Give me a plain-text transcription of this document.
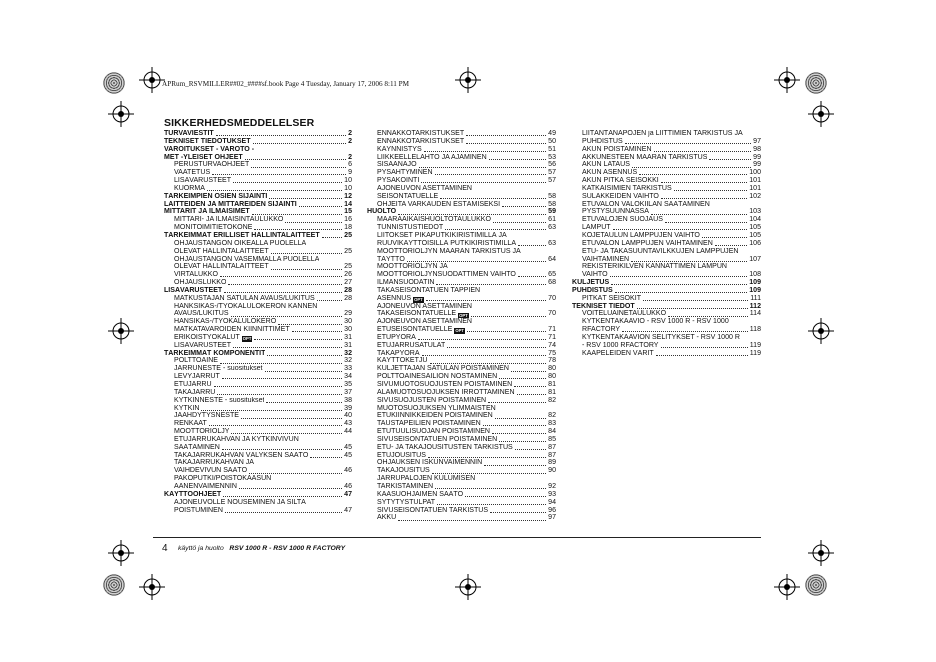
APRum_RSVMILLER##02_####sf.book Page 4 Tuesday, January 17, 2006 8:11 PM
SIKKERHEDSMEDDELELSER
TURVAVIESTIT	2
TEKNISET TIEDOTUKSET	2
VAROITUKSET - VAROTO -
MET -YLEISET OHJEET	2
PERUSTURVAOHJEET	6
VAATETUS	9
LISÄVARUSTEET	10
KUORMA	10
TÄRKEIMPIEN OSIEN SIJAINTI	12
LAITTEIDEN JA MITTAREIDEN SIJAINTI	14
MITTARIT JA ILMAISIMET	15
MITTARI- JA ILMAISINTAULUKKO	16
MONITOIMITIETOKONE	18
TÄRKEIMMÄT ERILLISET HALLINTALAITTEET	25
OHJAUSTANGON OIKEALLA PUOLELLA
OLEVAT HALLINTALAITTEET	25
OHJAUSTANGON VASEMMALLA PUOLELLA
OLEVAT HALLINTALAITTEET	25
VIRTALUKKO	26
OHJAUSLUKKO	27
LISÄVARUSTEET	28
MATKUSTAJAN SATULAN AVAUS/LUKITUS	28
HANKSIKAS-/TYÖKALULOKERON KANNEN
AVAUS/LUKITUS	29
HANSIKAS-/TYÖKALULOKERO	30
MATKATAVAROIDEN KIINNITTIMET	30
ERIKOISTYÖKALUT OPT	31
LISÄVARUSTEET	31
TÄRKEIMMÄT KOMPONENTIT	32
POLTTOAINE	32
JARRUNESTE - suositukset	33
LEVYJARRUT	34
ETUJARRU	35
TAKAJARRU	37
KYTKINNESTE - suositukset	38
KYTKIN	39
JÄÄHDYTYSNESTE	40
RENKAAT	43
MOOTTORIÖLJY	44
ETUJARRUKAHVAN JA KYTKINVIVUN
SÄÄTÄMINEN	45
TAKAJARRUKAHVAN VÄLYKSEN SÄÄTÖ	45
TAKAJARRUKAHVAN JA
VAIHDEVIVUN SÄÄTÖ	46
PAKOPUTKI/POISTOKAASUN
ÄÄNENVAIMENNIN	46
KÄYTTÖOHJEET	47
AJONEUVOLLE NOUSEMINEN JA SILTÄ
POISTUMINEN	47
ENNAKKOTARKISTUKSET	49
ENNAKKOTARKISTUKSET	50
KÄYNNISTYS	51
LIIKKEELLELÄHTÖ JA AJAMINEN	53
SISÄÄNAJO	56
PYSÄHTYMINEN	57
PYSÄKÖINTI	57
AJONEUVON ASETTAMINEN
SEISONTATUELLE	58
OHJEITA VARKAUDEN ESTÄMISEKSI	58
HUOLTO	59
MÄÄRÄAIKAISHUOLTOTAULUKKO	61
TUNNISTUSTIEDOT	63
LIITOKSET PIKAPUTKIKIRISTIMILLÄ JA
RUUVIKÄYTTÖISILLÄ PUTKIKIRISTIMILLÄ	63
MOOTTORIÖLJYN MÄÄRÄN TARKISTUS JA
TÄYTTÖ	64
MOOTTORIÖLJYN JA
MOOTTORIÖLJYNSUODATTIMEN VAIHTO	65
ILMANSUODATIN	68
TAKASEISONTATUEN TAPPIEN
ASENNUS OPT	70
AJONEUVON ASETTAMINEN
TAKASEISONTATUELLE OPT	70
AJONEUVON ASETTAMINEN
ETUSEISONTATUELLE OPT	71
ETUPYÖRÄ	71
ETUJARRUSATULAT	74
TAKAPYÖRÄ	75
KÄYTTÖKETJU	78
KULJETTAJAN SATULAN POISTAMINEN	80
POLTTOAINESÄILIÖN NOSTAMINEN	80
SIVUMUOTOSUOJUSTEN POISTAMINEN	81
ALAMUOTOSUOJUKSEN IRROTTAMINEN	81
SIVUSUOJUSTEN POISTAMINEN	82
MUOTOSUOJUKSEN YLIMMÄISTEN
ETUKIINNIKKEIDEN POISTAMINEN	82
TAUSTAPEILIEN POISTAMINEN	83
ETUTUULISUOJAN POISTAMINEN	84
SIVUSEISONTATUEN POISTAMINEN	85
ETU- JA TAKAJOUSITUSTEN TARKISTUS	87
ETUJOUSITUS	87
OHJAUKSEN ISKUNVAIMENNIN	89
TAKAJOUSITUS	90
JARRUPALOJEN KULUMISEN
TARKISTAMINEN	92
KAASUOHJAIMEN SÄÄTÖ	93
SYTYTYSTULPAT	94
SIVUSEISONTATUEN TARKISTUS	96
AKKU	97
LIITÄNTÄNAPOJEN ja LIITTIMIEN TARKISTUS JA
PUHDISTUS	97
AKUN POISTAMINEN	98
AKKUNESTEEN MÄÄRÄN TARKISTUS	99
AKUN LATAUS	99
AKUN ASENNUS	100
AKUN PITKÄ SEISOKKI	101
KATKAISIMIEN TARKISTUS	101
SULAKKEIDEN VAIHTO	102
ETUVALON VALOKIILAN SÄÄTÄMINEN
PYSTYSUUNNASSA	103
ETUVALOJEN SUOJAUS	104
LAMPUT	105
KOJETAULUN LAMPPUJEN VAIHTO	105
ETUVALON LAMPPUJEN VAIHTAMINEN	106
ETU- JA TAKASUUNTAVILKKUJEN LAMPPUJEN
VAIHTAMINEN	107
REKISTERIKILVEN KANNATTIMEN LAMPUN
VAIHTO	108
KULJETUS	109
PUHDISTUS	109
PITKÄT SEISOKIT	111
TEKNISET TIEDOT	112
VOITELUAINETAULUKKO	114
KYTKENTÄKAAVIO - RSV 1000 R - RSV 1000
RFACTORY	118
KYTKENTÄKAAVION SELITYKSET - RSV 1000 R
- RSV 1000 RFACTORY	119
KAAPELEIDEN VÄRIT	119
4 käyttö ja huolto RSV 1000 R - RSV 1000 R FACTORY
